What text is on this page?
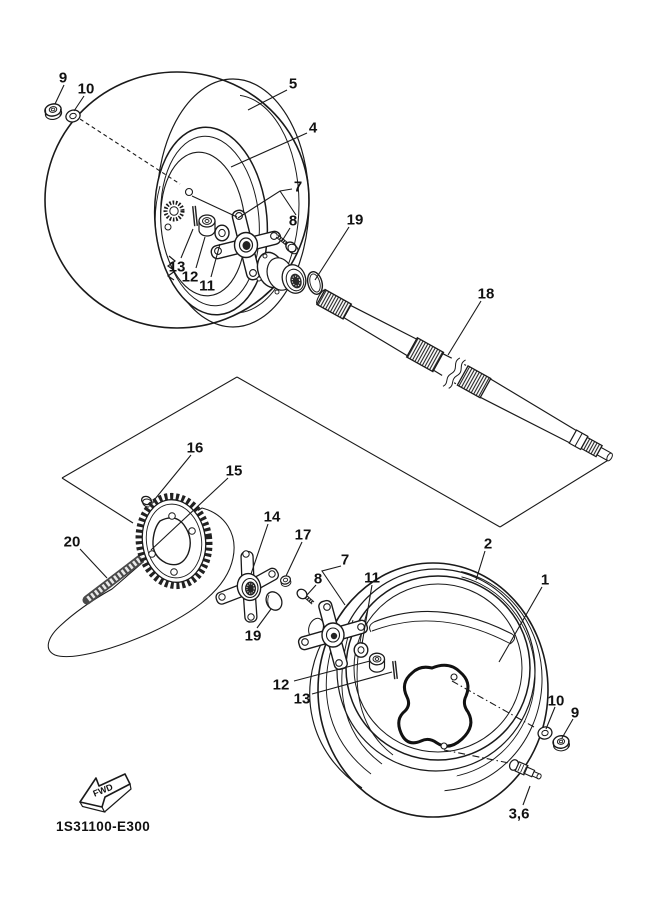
FWD
1S31100-E300
9
10	5
4
7
8	19
13
12
11	18
16
15
20
14
17
7
8
19
12
13
11
2
1
10
9
3,6
